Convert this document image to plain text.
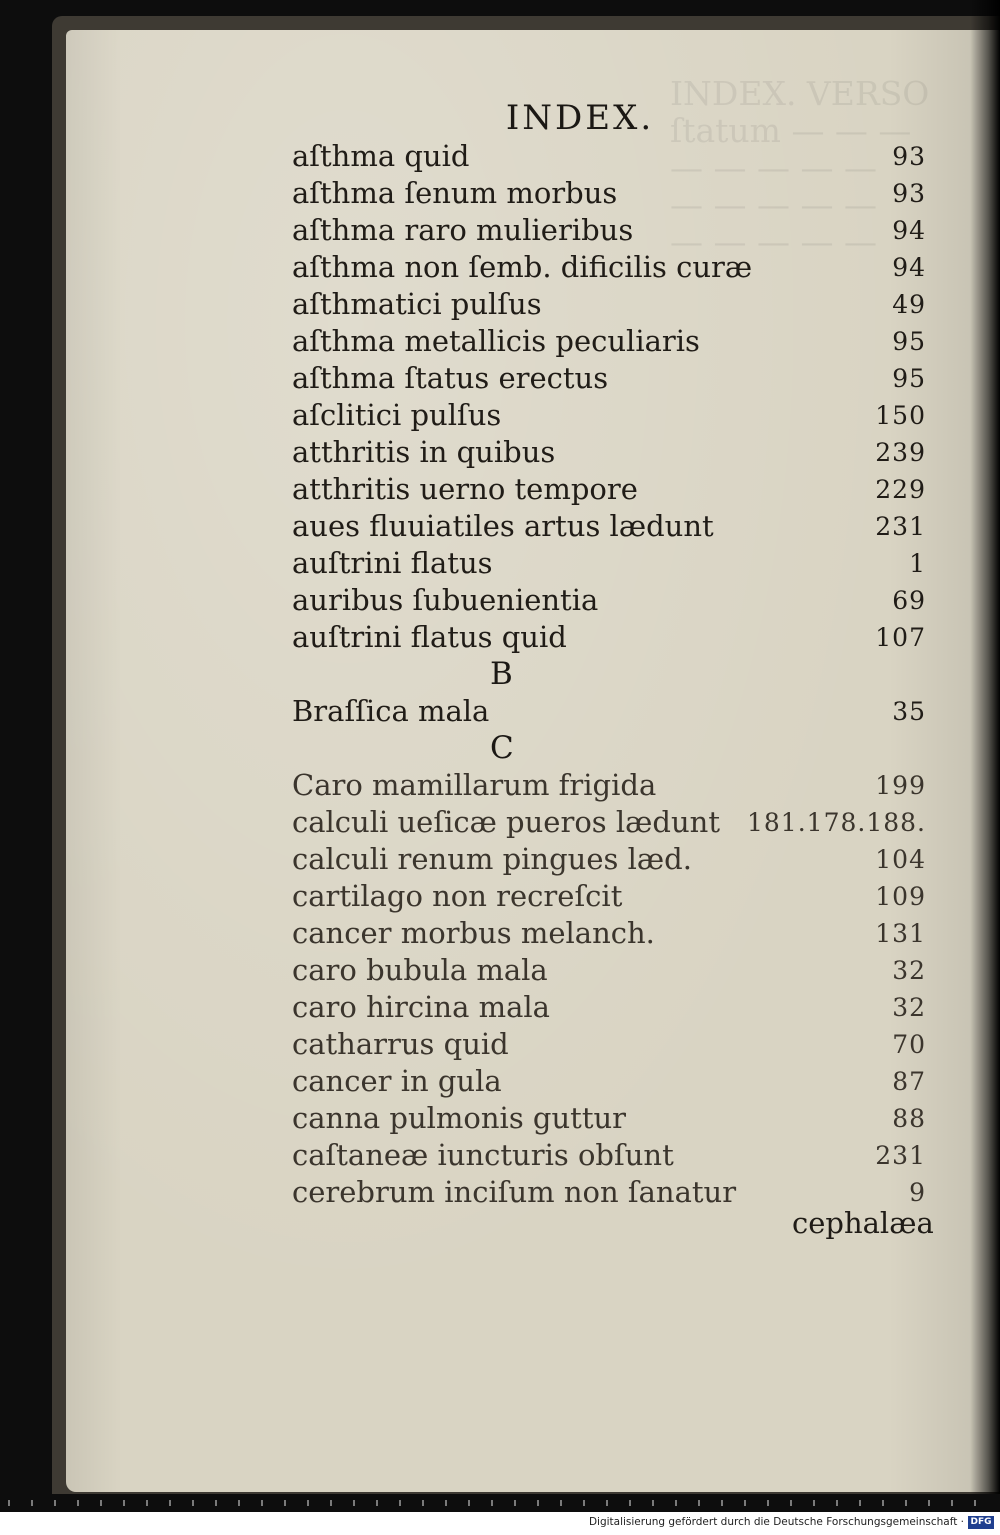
INDEX.
aſthma quid	93
aſthma ſenum morbus	93
aſthma raro mulieribus	94
aſthma non ſemb. dificilis curæ	94
aſthmatici pulſus	49
aſthma metallicis peculiaris	95
aſthma ſtatus erectus	95
aſclitici pulſus	150
atthritis in quibus	239
atthritis uerno tempore	229
aues fluuiatiles artus lædunt	231
auſtrini flatus	1
auribus ſubuenientia	69
auſtrini flatus quid	107
B
Braſſica mala	35
C
Caro mamillarum frigida	199
calculi ueſicæ pueros lædunt 181.178.188.
calculi renum pingues læd.	104
cartilago non recreſcit	109
cancer morbus melanch.	131
caro bubula mala	32
caro hircina mala	32
catharrus quid	70
cancer in gula	87
canna pulmonis guttur	88
caſtaneæ iuncturis obſunt	231
cerebrum inciſum non ſanatur	9
cephalæa
Digitalisierung gefördert durch die Deutsche Forschungsgemeinschaft · DFG
